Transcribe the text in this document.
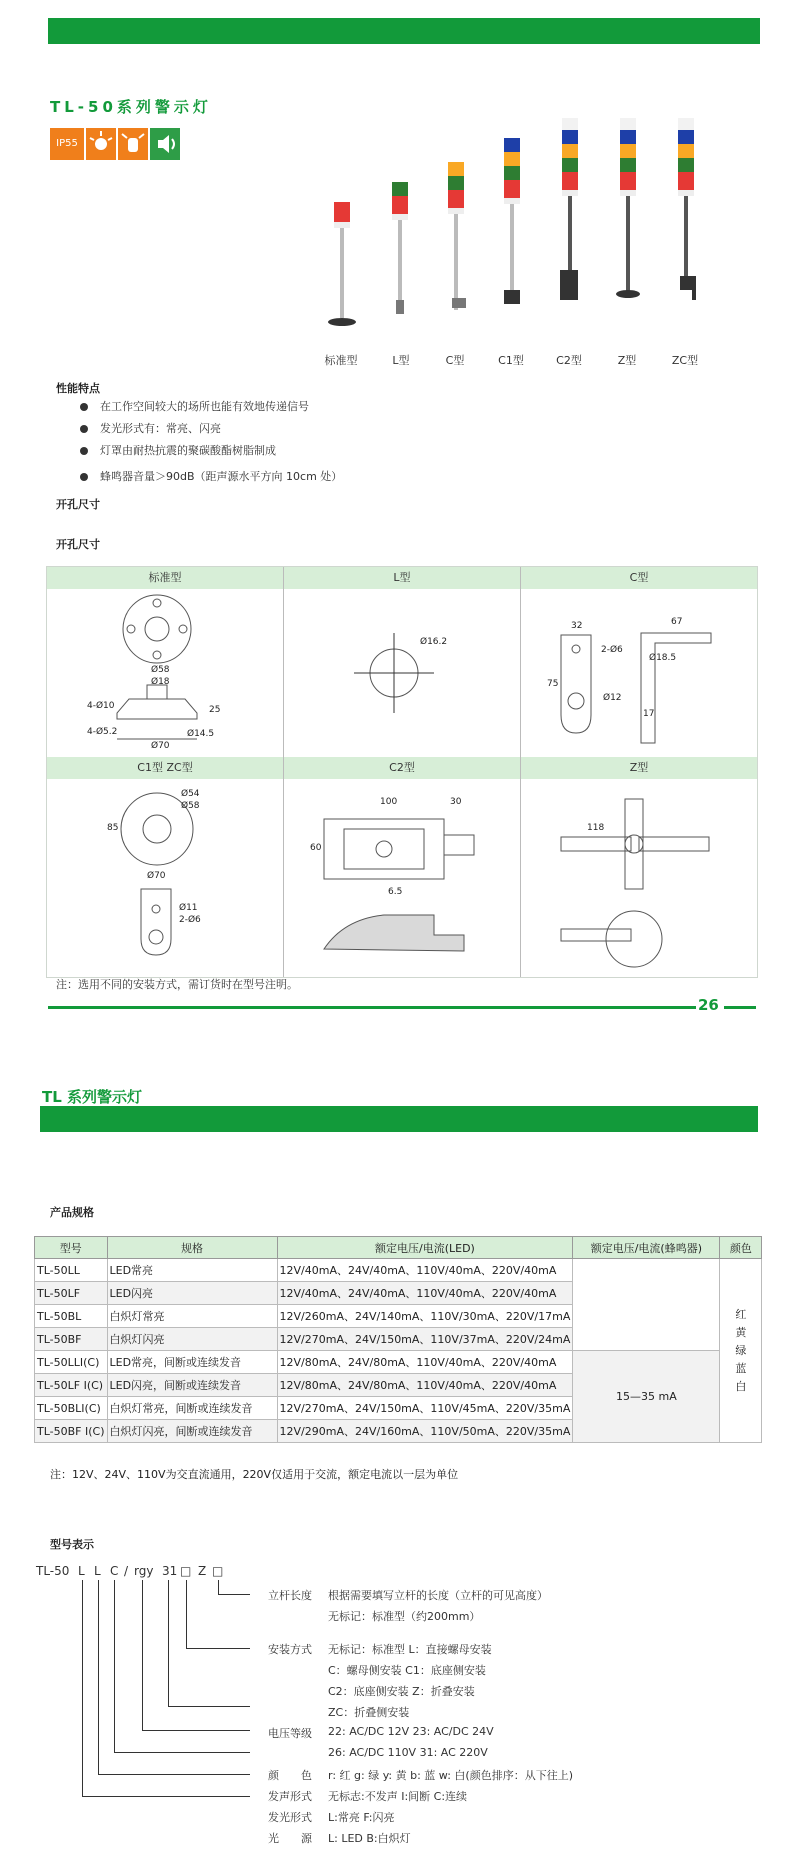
TL-50系列警示灯
IP55
标准型	L型	C型	C1型	C2型	Z型	ZC型
性能特点
在工作空间较大的场所也能有效地传递信号
发光形式有：常亮、闪亮
灯罩由耐热抗震的聚碳酸酯树脂制成
蜂鸣器音量＞90dB（距声源水平方向 10cm 处）
开孔尺寸
开孔尺寸
标准型	L型	C型
Ø58
Ø18
4-Ø10
4-Ø5.2	Ø14.5
Ø70
25
Ø16.2
32	67
2-Ø6
Ø18.5
Ø12
75
17
C1型 ZC型	C2型	Z型
Ø54
Ø58
Ø70
85
Ø11
2-Ø6
100	30
60
6.5
118
注：选用不同的安装方式，需订货时在型号注明。
26
TL 系列警示灯
产品规格
型号	规格	额定电压/电流(LED)	额定电压/电流(蜂鸣器)	颜色
TL-50LL	LED常亮	12V/40mA、24V/40mA、110V/40mA、220V/40mA		红
黄
绿
蓝
白

TL-50LF	LED闪亮	12V/40mA、24V/40mA、110V/40mA、220V/40mA		
TL-50BL	白炽灯常亮	12V/260mA、24V/140mA、110V/30mA、220V/17mA		
TL-50BF	白炽灯闪亮	12V/270mA、24V/150mA、110V/37mA、220V/24mA		
TL-50LLI(C)	LED常亮，间断或连续发音	12V/80mA、24V/80mA、110V/40mA、220V/40mA	15—35 mA	
TL-50LF I(C)	LED闪亮，间断或连续发音	12V/80mA、24V/80mA、110V/40mA、220V/40mA		
TL-50BLI(C)	白炽灯常亮，间断或连续发音	12V/270mA、24V/150mA、110V/45mA、220V/35mA		
TL-50BF I(C)	白炽灯闪亮，间断或连续发音	12V/290mA、24V/160mA、110V/50mA、220V/35mA		
注：12V、24V、110V为交直流通用，220V仅适用于交流，额定电流以一层为单位
型号表示
TL-50 L L C / rgy 31 □ Z □
立杆长度 根据需要填写立杆的长度（立杆的可见高度）
无标记：标准型（约200mm）
安装方式 无标记：标准型 L：直接螺母安装
C：螺母侧安装 C1：底座侧安装
C2：底座侧安装 Z：折叠安装
ZC：折叠侧安装
电压等级 22: AC/DC 12V 23: AC/DC 24V
26: AC/DC 110V 31: AC 220V
颜　　色 r: 红 g: 绿 y: 黄 b: 蓝 w: 白(颜色排序：从下往上)
发声形式 无标志:不发声 I:间断 C:连续
发光形式 L:常亮 F:闪亮
光　　源 L: LED B:白炽灯
